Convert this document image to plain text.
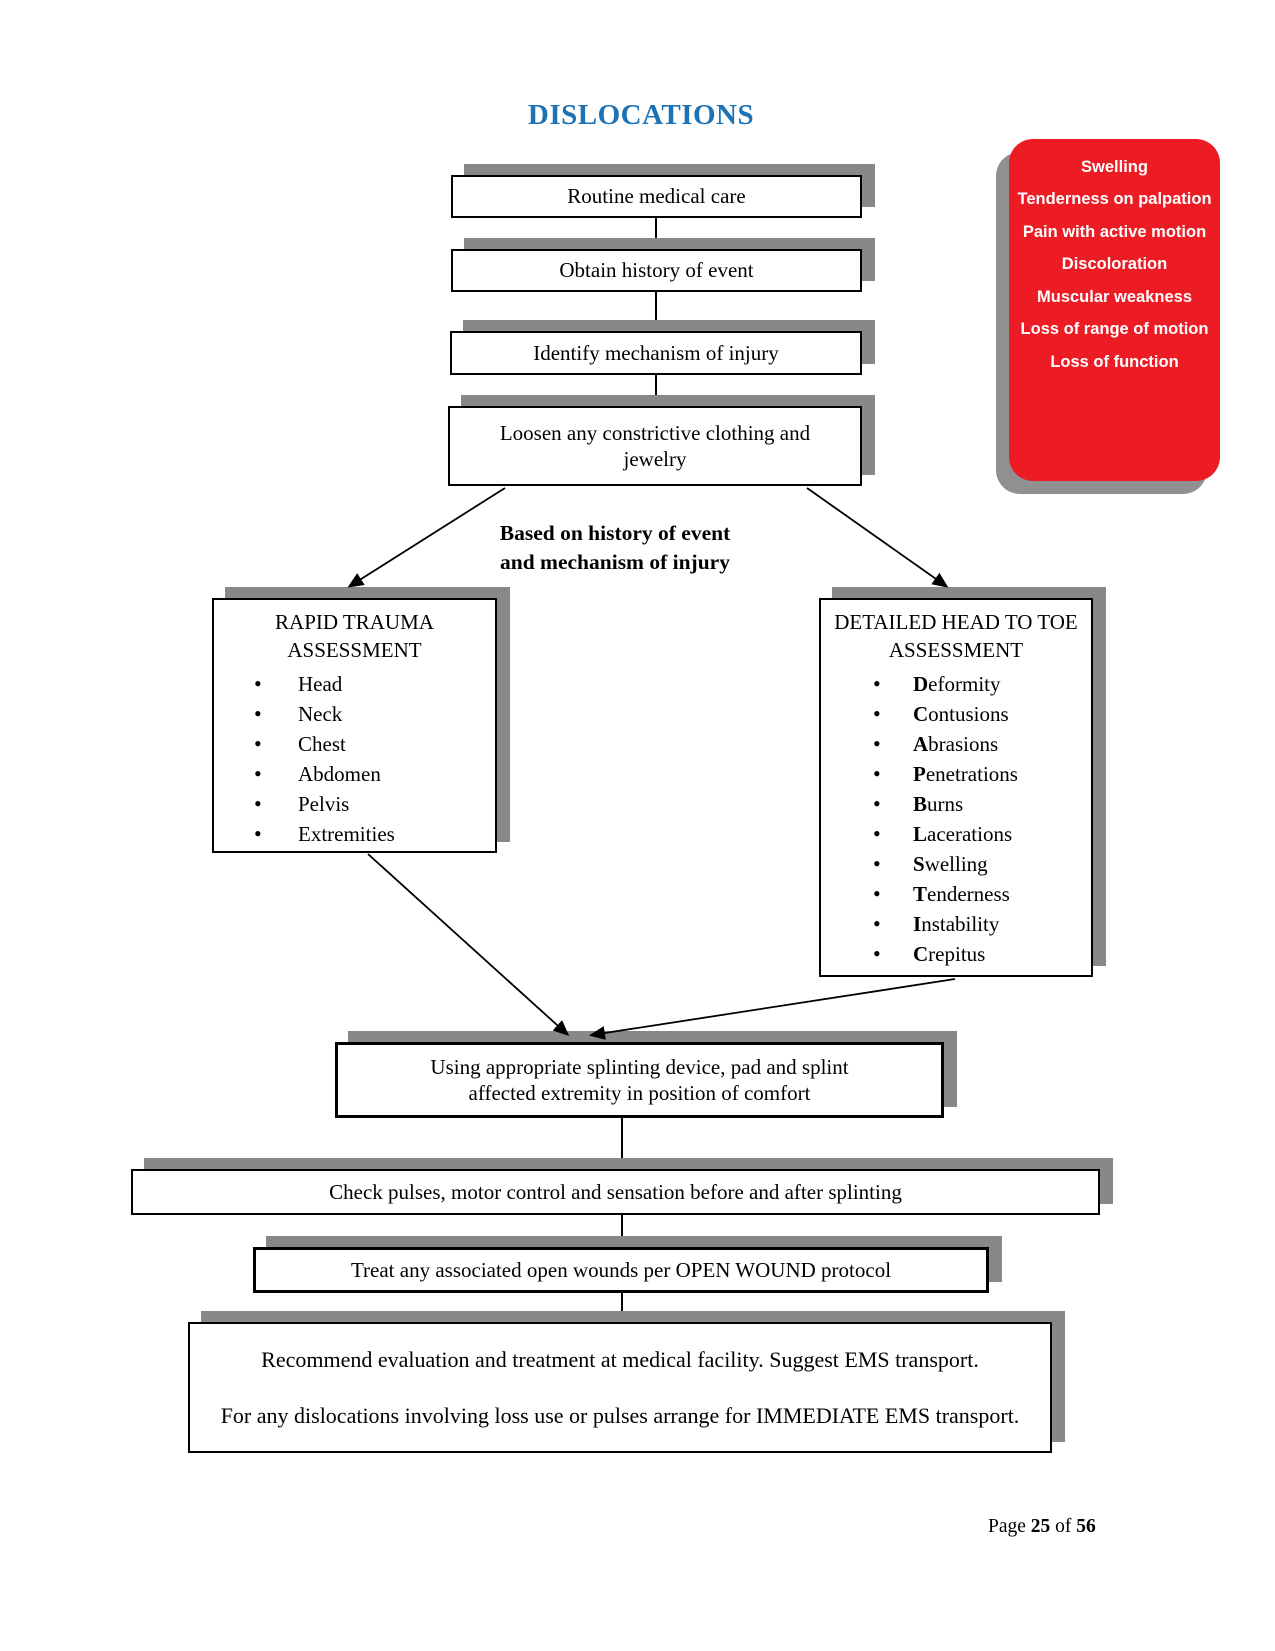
DISLOCATIONS
Swelling
Tenderness on palpation
Pain with active motion
Discoloration
Muscular weakness
Loss of range of motion
Loss of function
Routine medical care
Obtain history of event
Identify mechanism of injury
Loosen any constrictive clothing and jewelry
Based on history of event
and mechanism of injury
RAPID TRAUMA ASSESSMENT
•
Head
•
Neck
•
Chest
•
Abdomen
•
Pelvis
•
Extremities
DETAILED HEAD TO TOE ASSESSMENT
•
Deformity
•
Contusions
•
Abrasions
•
Penetrations
•
Burns
•
Lacerations
•
Swelling
•
Tenderness
•
Instability
•
Crepitus
Using appropriate splinting device, pad and splint
affected extremity in position of comfort
Check pulses, motor control and sensation before and after splinting
Treat any associated open wounds per OPEN WOUND protocol
Recommend evaluation and treatment at medical facility. Suggest EMS transport.
For any dislocations involving loss use or pulses arrange for IMMEDIATE EMS transport.
Page 25 of 56
